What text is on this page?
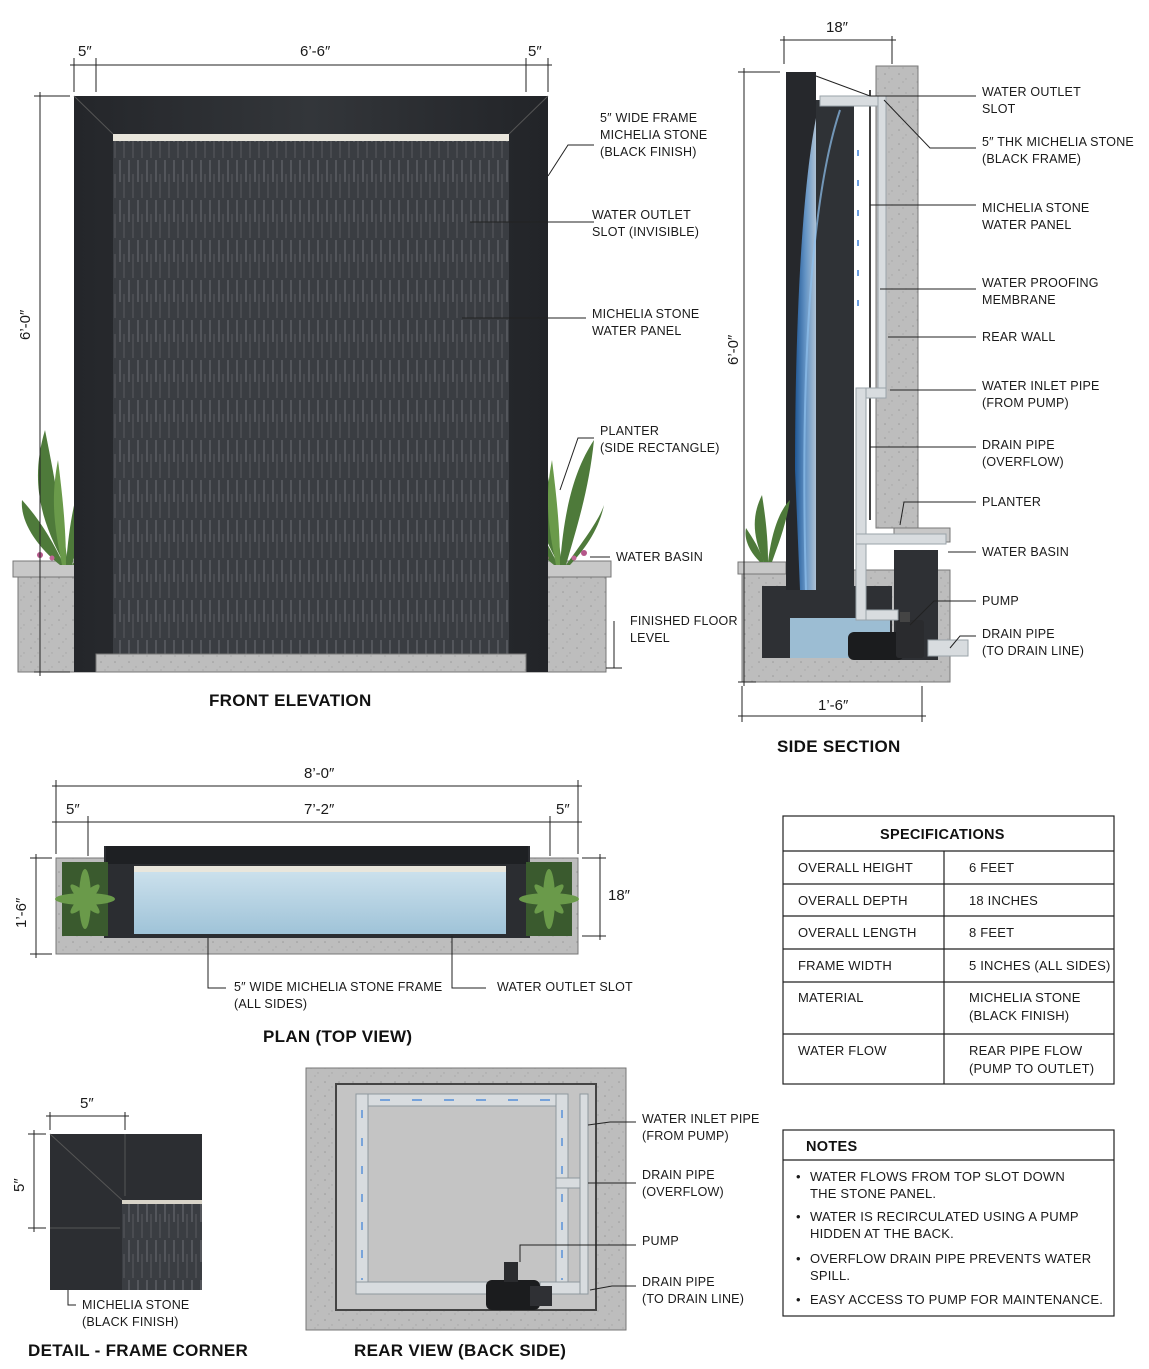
5″	6’-6″	5″
6’-0″
5″ WIDE FRAME MICHELIA STONE (BLACK FINISH)
WATER OUTLET SLOT (INVISIBLE)
MICHELIA STONE WATER PANEL
PLANTER (SIDE RECTANGLE)
WATER BASIN
FINISHED FLOOR LEVEL
FRONT ELEVATION
18″
6’-0″
1’-6″
WATER OUTLET SLOT
5″ THK MICHELIA STONE (BLACK FRAME)
MICHELIA STONE WATER PANEL
WATER PROOFING MEMBRANE
REAR WALL
WATER INLET PIPE (FROM PUMP)
DRAIN PIPE (OVERFLOW)
PLANTER
WATER BASIN
PUMP
DRAIN PIPE (TO DRAIN LINE)
SIDE SECTION
8’-0″
5″	7’-2″	5″
1’-6″
18″
5″ WIDE MICHELIA STONE FRAME (ALL SIDES)
WATER OUTLET SLOT
PLAN (TOP VIEW)
SPECIFICATIONS
OVERALL HEIGHT	6 FEET
OVERALL DEPTH	18 INCHES
OVERALL LENGTH	8 FEET
FRAME WIDTH	5 INCHES (ALL SIDES)
MATERIAL	MICHELIA STONE (BLACK FINISH)
WATER FLOW	REAR PIPE FLOW (PUMP TO OUTLET)
NOTES
• WATER FLOWS FROM TOP SLOT DOWN THE STONE PANEL.
• WATER IS RECIRCULATED USING A PUMP HIDDEN AT THE BACK.
• OVERFLOW DRAIN PIPE PREVENTS WATER SPILL.
• EASY ACCESS TO PUMP FOR MAINTENANCE.
5″
5″
MICHELIA STONE (BLACK FINISH)
DETAIL - FRAME CORNER
WATER INLET PIPE (FROM PUMP)
DRAIN PIPE (OVERFLOW)
PUMP
DRAIN PIPE (TO DRAIN LINE)
REAR VIEW (BACK SIDE)
